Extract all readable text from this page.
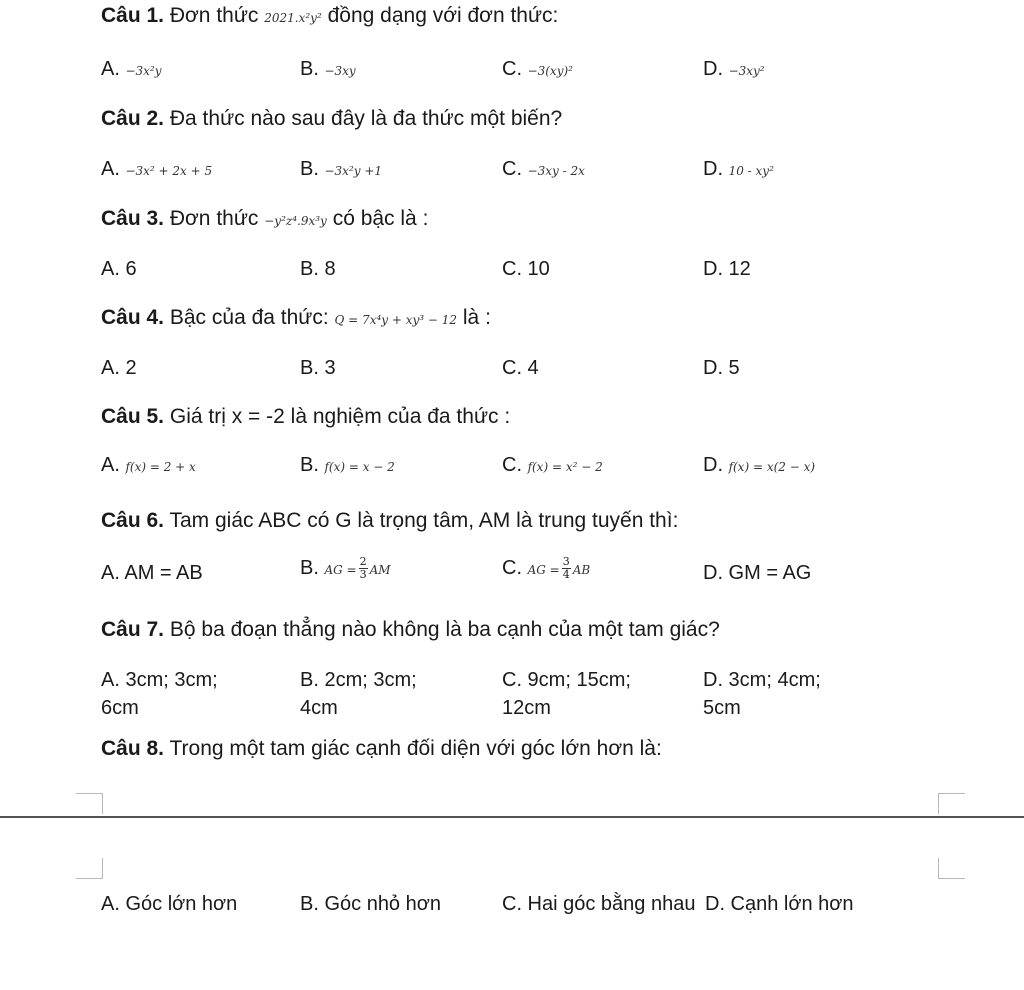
Câu 1. Đơn thức 2021.x²y² đồng dạng với đơn thức:
A. −3x²y	B. −3xy	C. −3(xy)²	D. −3xy²
Câu 2. Đa thức nào sau đây là đa thức một biến?
A. −3x² + 2x + 5	B. −3x²y +1	C. −3xy - 2x	D. 10 - xy²
Câu 3. Đơn thức −y²z⁴.9x³y có bậc là :
A. 6	B. 8	C. 10	D. 12
Câu 4. Bậc của đa thức: Q = 7x⁴y + xy³ − 12 là :
A. 2	B. 3	C. 4	D. 5
Câu 5. Giá trị x = -2 là nghiệm của đa thức :
A. f(x) = 2 + x	B. f(x) = x − 2	C. f(x) = x² − 2	D. f(x) = x(2 − x)
Câu 6. Tam giác ABC có G là trọng tâm, AM là trung tuyến thì:
A. AM = AB	B. AG = $\frac{2}{3}$ AM	C. AG = $\frac{3}{4}$ AB	D. GM = AG
Câu 7. Bộ ba đoạn thẳng nào không là ba cạnh của một tam giác?
A. 3cm; 3cm; 6cm
B. 2cm; 3cm; 4cm
C. 9cm; 15cm; 12cm
D. 3cm; 4cm; 5cm
Câu 8. Trong một tam giác cạnh đối diện với góc lớn hơn là:
A. Góc lớn hơn	B. Góc nhỏ hơn	C. Hai góc bằng nhau D. Cạnh lớn hơn
